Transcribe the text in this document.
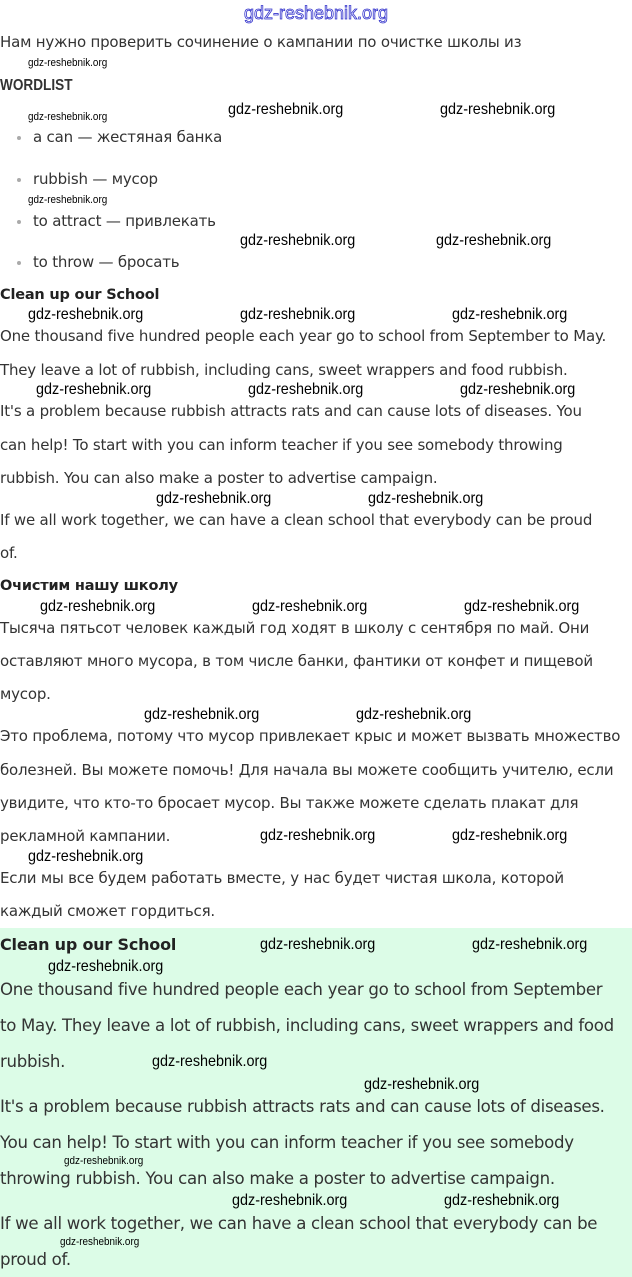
gdz-reshebnik.org
Нам нужно проверить сочинение о кампании по очистке школы из
WORDLIST
a can — жестяная банка
rubbish — мусор
to attract — привлекать
to throw — бросать
Clean up our School
One thousand five hundred people each year go to school from September to May.
They leave a lot of rubbish, including cans, sweet wrappers and food rubbish.
It's a problem because rubbish attracts rats and can cause lots of diseases. You
can help! To start with you can inform teacher if you see somebody throwing
rubbish. You can also make a poster to advertise campaign.
If we all work together, we can have a clean school that everybody can be proud
of.
Очистим нашу школу
Тысяча пятьсот человек каждый год ходят в школу с сентября по май. Они
оставляют много мусора, в том числе банки, фантики от конфет и пищевой
мусор.
Это проблема, потому что мусор привлекает крыс и может вызвать множество
болезней. Вы можете помочь! Для начала вы можете сообщить учителю, если
увидите, что кто-то бросает мусор. Вы также можете сделать плакат для
рекламной кампании.
Если мы все будем работать вместе, у нас будет чистая школа, которой
каждый сможет гордиться.
Clean up our School
One thousand five hundred people each year go to school from September
to May. They leave a lot of rubbish, including cans, sweet wrappers and food
rubbish.
It's a problem because rubbish attracts rats and can cause lots of diseases.
You can help! To start with you can inform teacher if you see somebody
throwing rubbish. You can also make a poster to advertise campaign.
If we all work together, we can have a clean school that everybody can be
proud of.
gdz-reshebnik.org
gdz-reshebnik.org	gdz-reshebnik.org	gdz-reshebnik.org
gdz-reshebnik.org
gdz-reshebnik.org	gdz-reshebnik.org
gdz-reshebnik.org	gdz-reshebnik.org	gdz-reshebnik.org
gdz-reshebnik.org	gdz-reshebnik.org	gdz-reshebnik.org
gdz-reshebnik.org	gdz-reshebnik.org
gdz-reshebnik.org	gdz-reshebnik.org	gdz-reshebnik.org
gdz-reshebnik.org	gdz-reshebnik.org
gdz-reshebnik.org
gdz-reshebnik.org	gdz-reshebnik.org
gdz-reshebnik.org	gdz-reshebnik.org
gdz-reshebnik.org
gdz-reshebnik.org
gdz-reshebnik.org
gdz-reshebnik.org
gdz-reshebnik.org	gdz-reshebnik.org
gdz-reshebnik.org
